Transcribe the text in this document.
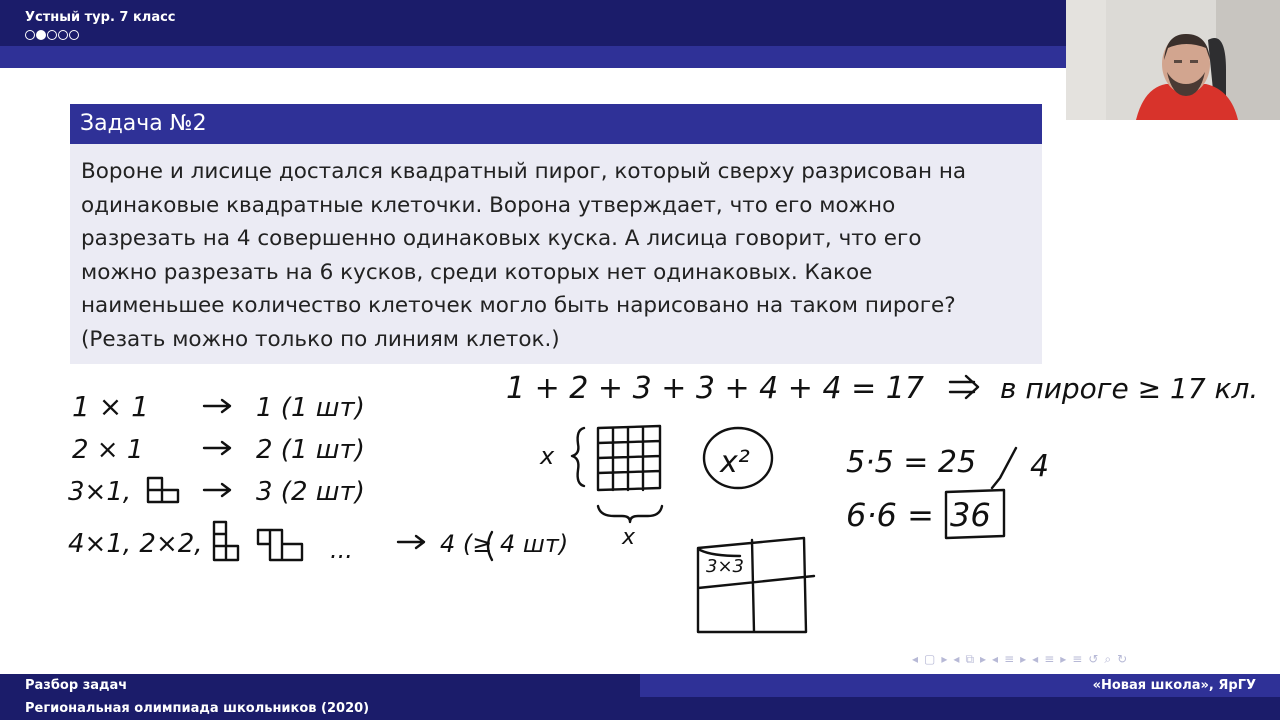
Устный тур. 7 класс
Задача №2
Вороне и лисице достался квадратный пирог, который сверху разрисован на
одинаковые квадратные клеточки. Ворона утверждает, что его можно
разрезать на 4 совершенно одинаковых куска. А лисица говорит, что его
можно разрезать на 6 кусков, среди которых нет одинаковых. Какое
наименьшее количество клеточек могло быть нарисовано на таком пироге?
(Резать можно только по линиям клеток.)
1 × 1	1 (1 шт)
2 × 1	2 (1 шт)
3×1,	3 (2 шт)
4×1, 2×2,	...	4 (≥ 4 шт)
1 + 2 + 3 + 3 + 4 + 4 = 17	в пироге ≥ 17 кл.
x
x
x²	5·5 = 25 4
6·6 = 36
3×3
◂ ▢ ▸ ◂ ⧉ ▸ ◂ ≡ ▸ ◂ ≡ ▸ ≡ ↺ ⌕ ↻
Разбор задач
Региональная олимпиада школьников (2020)
«Новая школа», ЯрГУ
